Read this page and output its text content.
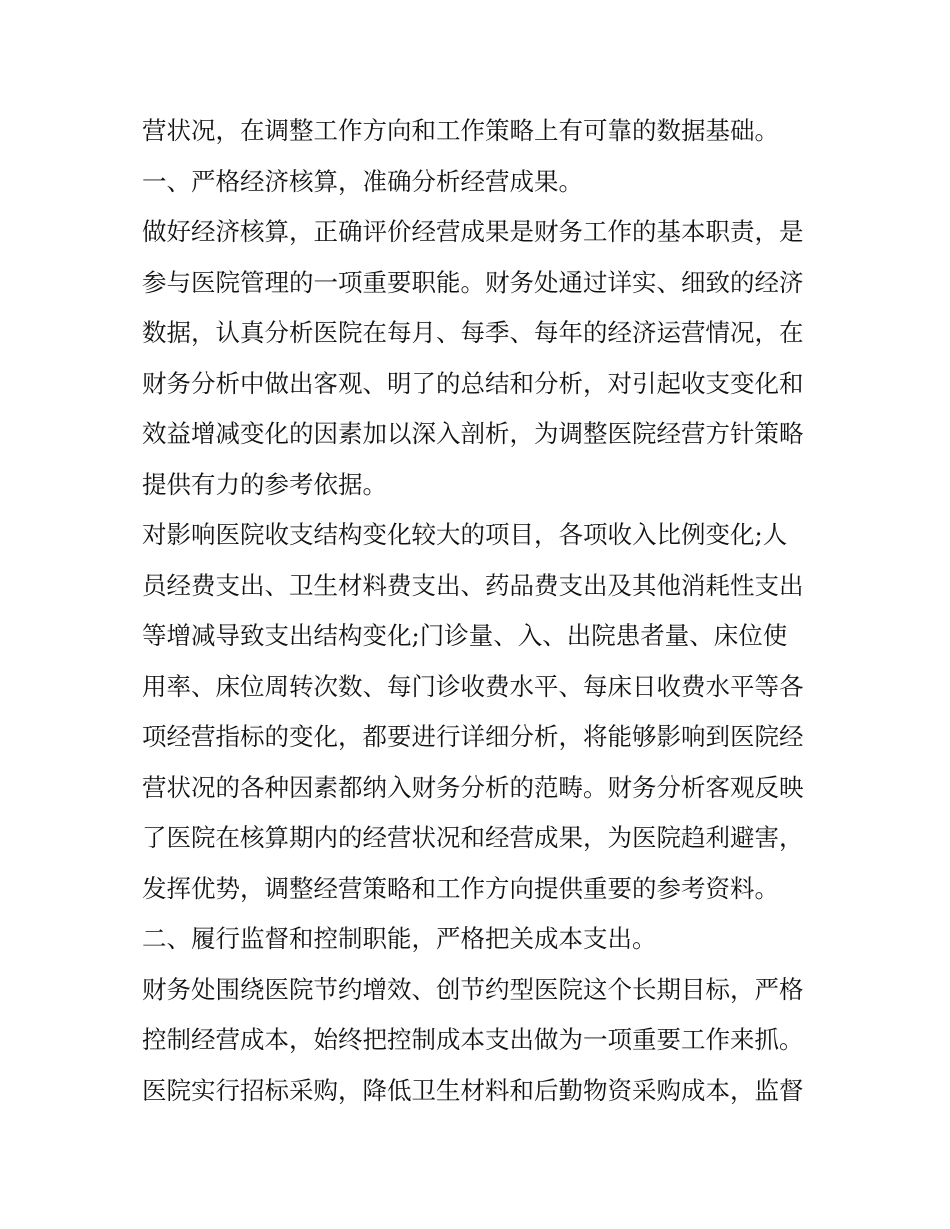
营状况，在调整工作方向和工作策略上有可靠的数据基础。
一、严格经济核算，准确分析经营成果。
做好经济核算，正确评价经营成果是财务工作的基本职责，是
参与医院管理的一项重要职能。财务处通过详实、细致的经济
数据，认真分析医院在每月、每季、每年的经济运营情况，在
财务分析中做出客观、明了的总结和分析，对引起收支变化和
效益增减变化的因素加以深入剖析，为调整医院经营方针策略
提供有力的参考依据。
对影响医院收支结构变化较大的项目，各项收入比例变化;人
员经费支出、卫生材料费支出、药品费支出及其他消耗性支出
等增减导致支出结构变化;门诊量、入、出院患者量、床位使
用率、床位周转次数、每门诊收费水平、每床日收费水平等各
项经营指标的变化，都要进行详细分析，将能够影响到医院经
营状况的各种因素都纳入财务分析的范畴。财务分析客观反映
了医院在核算期内的经营状况和经营成果，为医院趋利避害，
发挥优势，调整经营策略和工作方向提供重要的参考资料。
二、履行监督和控制职能，严格把关成本支出。
财务处围绕医院节约增效、创节约型医院这个长期目标，严格
控制经营成本，始终把控制成本支出做为一项重要工作来抓。
医院实行招标采购，降低卫生材料和后勤物资采购成本，监督
